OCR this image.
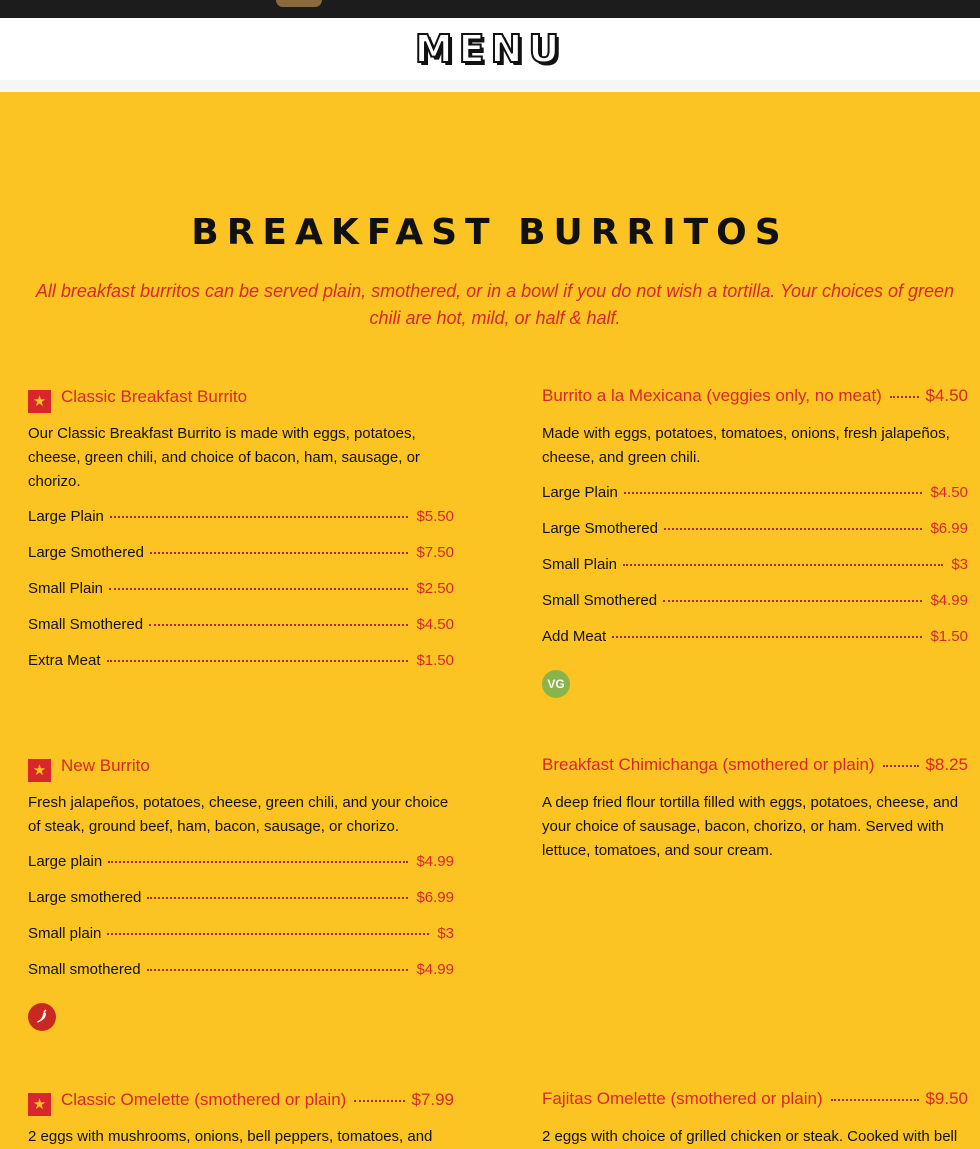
MENU
BREAKFAST BURRITOS
All breakfast burritos can be served plain, smothered, or in a bowl if you do not wish a tortilla. Your choices of green chili are hot, mild, or half & half.
★ Classic Breakfast Burrito
Our Classic Breakfast Burrito is made with eggs, potatoes, cheese, green chili, and choice of bacon, ham, sausage, or chorizo.
Large Plain	$5.50
Large Smothered	$7.50
Small Plain	$2.50
Small Smothered	$4.50
Extra Meat	$1.50
Burrito a la Mexicana (veggies only, no meat)	$4.50
Made with eggs, potatoes, tomatoes, onions, fresh jalapeños, cheese, and green chili.
Large Plain	$4.50
Large Smothered	$6.99
Small Plain	$3
Small Smothered	$4.99
Add Meat	$1.50
VG
★ New Burrito
Fresh jalapeños, potatoes, cheese, green chili, and your choice of steak, ground beef, ham, bacon, sausage, or chorizo.
Large plain	$4.99
Large smothered	$6.99
Small plain	$3
Small smothered	$4.99
Breakfast Chimichanga (smothered or plain)	$8.25
A deep fried flour tortilla filled with eggs, potatoes, cheese, and your choice of sausage, bacon, chorizo, or ham. Served with lettuce, tomatoes, and sour cream.
★ Classic Omelette (smothered or plain)	$7.99
2 eggs with mushrooms, onions, bell peppers, tomatoes, and
Fajitas Omelette (smothered or plain)	$9.50
2 eggs with choice of grilled chicken or steak. Cooked with bell
